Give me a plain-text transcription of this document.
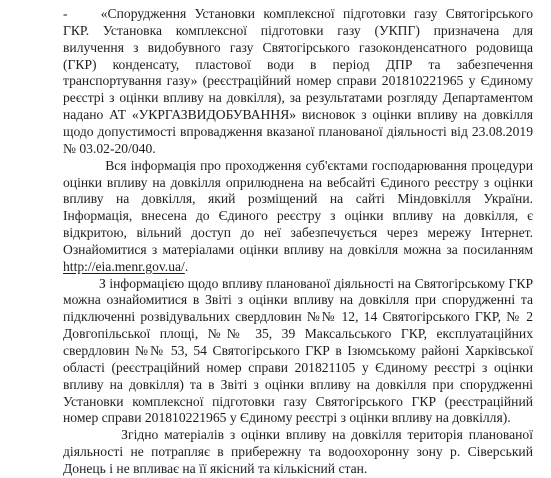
-    «Спорудження Установки комплексної підготовки газу Святогірського
ГКР. Установка комплексної підготовки газу (УКПГ) призначена для
вилучення з видобувного газу Святогірського газоконденсатного родовища
(ГКР) конденсату, пластової води в період ДПР та забезпечення
транспортування газу» (реєстраційний номер справи 201810221965 у Єдиному
реєстрі з оцінки впливу на довкілля), за результатами розгляду Департаментом
надано АТ «УКРГАЗВИДОБУВАННЯ» висновок з оцінки впливу на довкілля
щодо допустимості впровадження вказаної планованої діяльності від 23.08.2019
№ 03.02-20/040.
Вся інформація про проходження суб'єктами господарювання процедури
оцінки впливу на довкілля оприлюднена на вебсайті Єдиного реєстру з оцінки
впливу на довкілля, який розміщений на сайті Міндовкілля України.
Інформація, внесена до Єдиного реєстру з оцінки впливу на довкілля, є
відкритою, вільний доступ до неї забезпечується через мережу Інтернет.
Ознайомитися з матеріалами оцінки впливу на довкілля можна за посиланням
http://eia.menr.gov.ua/.
З інформацією щодо впливу планованої діяльності на Святогірському ГКР
можна ознайомитися в Звіті з оцінки впливу на довкілля при спорудженні та
підключенні розвідувальних свердловин №№ 12, 14 Святогірського ГКР, № 2
Довгопільської площі, №№ 35, 39 Максальського ГКР, експлуатаційних
свердловин №№ 53, 54 Святогірського ГКР в Ізюмському районі Харківської
області (реєстраційний номер справи 201821105 у Єдиному реєстрі з оцінки
впливу на довкілля) та в Звіті з оцінки впливу на довкілля при спорудженні
Установки комплексної підготовки газу Святогірського ГКР (реєстраційний
номер справи 201810221965 у Єдиному реєстрі з оцінки впливу на довкілля).
Згідно матеріалів з оцінки впливу на довкілля територія планованої
діяльності не потрапляє в прибережну та водоохоронну зону р. Сіверський
Донець і не впливає на її якісний та кількісний стан.
